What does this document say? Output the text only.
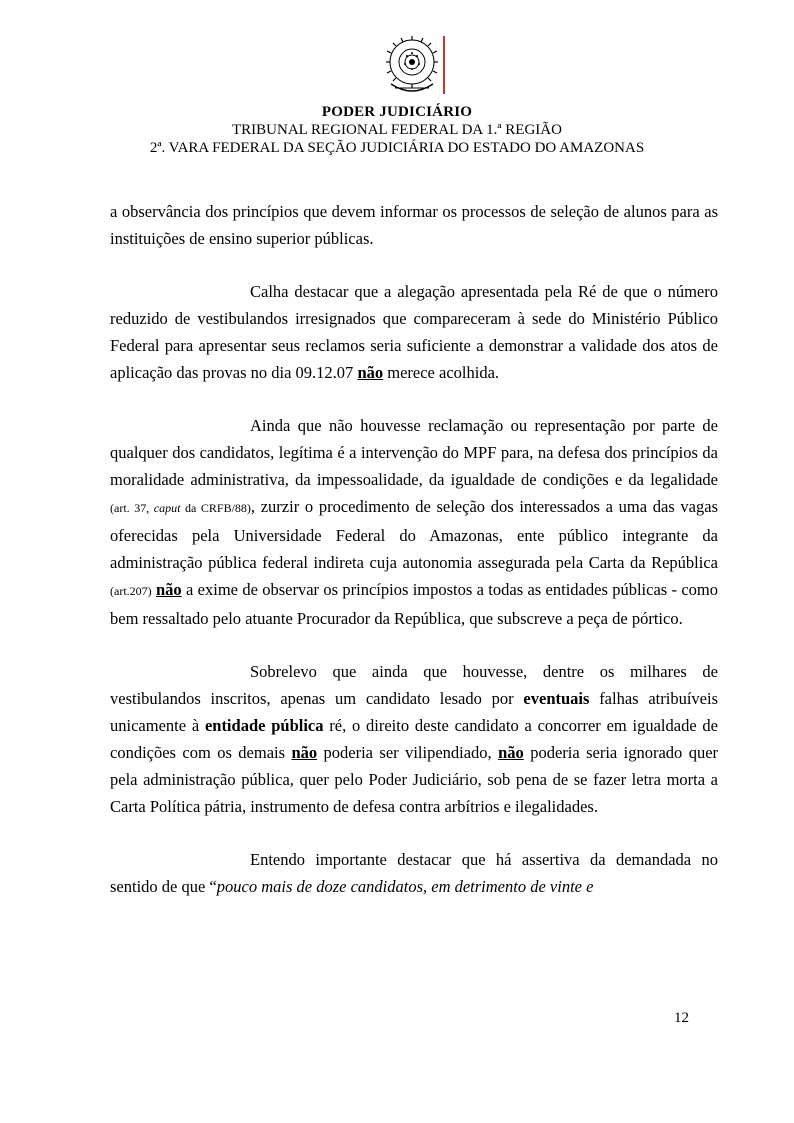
PODER JUDICIÁRIO
TRIBUNAL REGIONAL FEDERAL DA 1.ª REGIÃO
2ª. VARA FEDERAL DA SEÇÃO JUDICIÁRIA DO ESTADO DO AMAZONAS

a observância dos princípios que devem informar os processos de seleção de alunos para as instituições de ensino superior públicas.

Calha destacar que a alegação apresentada pela Ré de que o número reduzido de vestibulandos irresignados que compareceram à sede do Ministério Público Federal para apresentar seus reclamos seria suficiente a demonstrar a validade dos atos de aplicação das provas no dia 09.12.07 não merece acolhida.

Ainda que não houvesse reclamação ou representação por parte de qualquer dos candidatos, legítima é a intervenção do MPF para, na defesa dos princípios da moralidade administrativa, da impessoalidade, da igualdade de condições e da legalidade (art. 37, caput da CRFB/88), zurzir o procedimento de seleção dos interessados a uma das vagas oferecidas pela Universidade Federal do Amazonas, ente público integrante da administração pública federal indireta cuja autonomia assegurada pela Carta da República (art.207) não a exime de observar os princípios impostos a todas as entidades públicas - como bem ressaltado pelo atuante Procurador da República, que subscreve a peça de pórtico.

Sobrelevo que ainda que houvesse, dentre os milhares de vestibulandos inscritos, apenas um candidato lesado por eventuais falhas atribuíveis unicamente à entidade pública ré, o direito deste candidato a concorrer em igualdade de condições com os demais não poderia ser vilipendiado, não poderia seria ignorado quer pela administração pública, quer pelo Poder Judiciário, sob pena de se fazer letra morta a Carta Política pátria, instrumento de defesa contra arbítrios e ilegalidades.

Entendo importante destacar que há assertiva da demandada no sentido de que “pouco mais de doze candidatos, em detrimento de vinte e

12
